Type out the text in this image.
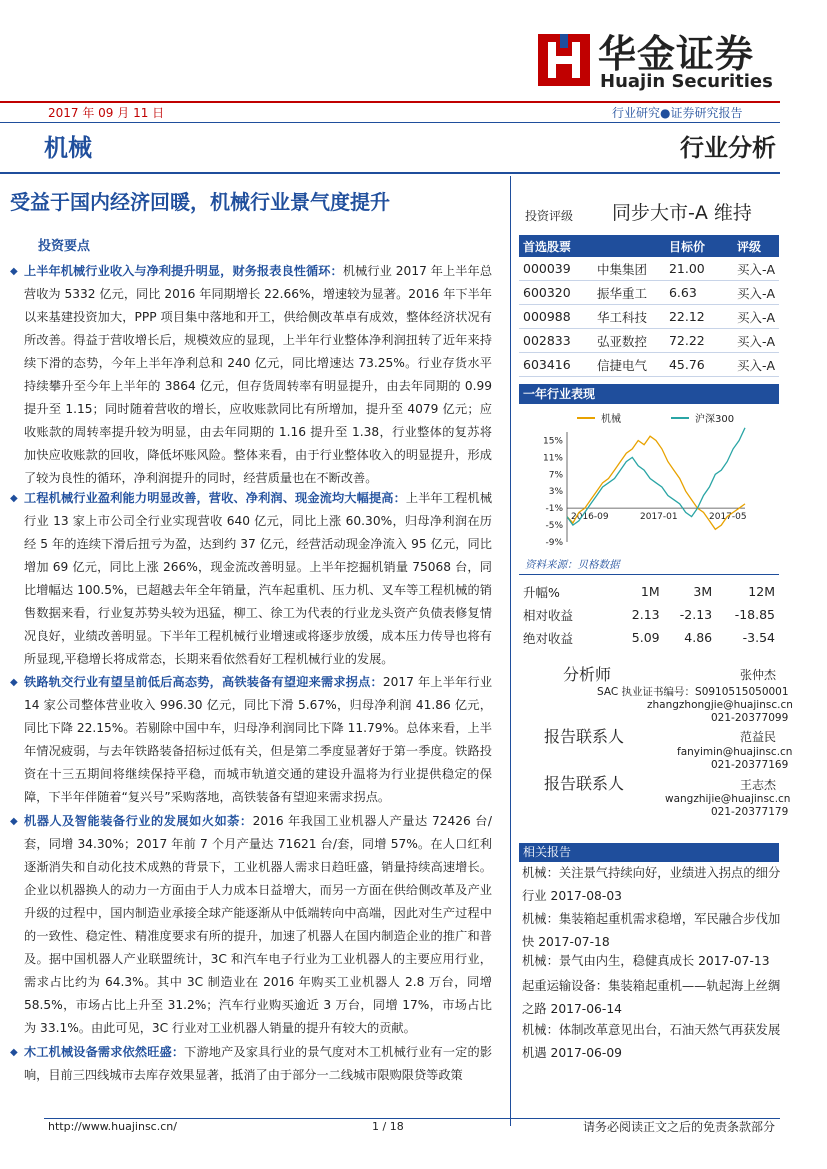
华金证券
Huajin Securities
2017 年 09 月 11 日	行业研究●证券研究报告
机械	行业分析
受益于国内经济回暖，机械行业景气度提升
投资要点
◆ 上半年机械行业收入与净利提升明显，财务报表良性循环：机械行业 2017 年上半年总营收为 5332 亿元，同比 2016 年同期增长 22.66%，增速较为显著。2016 年下半年以来基建投资加大，PPP 项目集中落地和开工，供给侧改革卓有成效，整体经济状况有所改善。得益于营收增长后，规模效应的显现，上半年行业整体净利润扭转了近年来持续下滑的态势，今年上半年净利总和 240 亿元，同比增速达 73.25%。行业存货水平持续攀升至今年上半年的 3864 亿元，但存货周转率有明显提升，由去年同期的 0.99 提升至 1.15；同时随着营收的增长，应收账款同比有所增加，提升至 4079 亿元；应收账款的周转率提升较为明显，由去年同期的 1.16 提升至 1.38，行业整体的复苏将加快应收账款的回收，降低坏账风险。整体来看，由于行业整体收入的明显提升，形成了较为良性的循环，净利润提升的同时，经营质量也在不断改善。
◆ 工程机械行业盈利能力明显改善，营收、净利润、现金流均大幅提高：上半年工程机械行业 13 家上市公司全行业实现营收 640 亿元，同比上涨 60.30%，归母净利润在历经 5 年的连续下滑后扭亏为盈，达到约 37 亿元，经营活动现金净流入 95 亿元，同比增加 69 亿元，同比上涨 266%，现金流改善明显。上半年挖掘机销量 75068 台，同比增幅达 100.5%，已超越去年全年销量，汽车起重机、压力机、叉车等工程机械的销售数据来看，行业复苏势头较为迅猛，柳工、徐工为代表的行业龙头资产负债表修复情况良好，业绩改善明显。下半年工程机械行业增速或将逐步放缓，成本压力传导也将有所显现,平稳增长将成常态，长期来看依然看好工程机械行业的发展。
◆ 铁路轨交行业有望呈前低后高态势，高铁装备有望迎来需求拐点：2017 年上半年行业 14 家公司整体营业收入 996.30 亿元，同比下滑 5.67%，归母净利润 41.86 亿元，同比下降 22.15%。若剔除中国中车，归母净利润同比下降 11.79%。总体来看，上半年情况疲弱，与去年铁路装备招标过低有关，但是第二季度显著好于第一季度。铁路投资在十三五期间将继续保持平稳，而城市轨道交通的建设升温将为行业提供稳定的保障，下半年伴随着“复兴号”采购落地，高铁装备有望迎来需求拐点。
◆ 机器人及智能装备行业的发展如火如荼：2016 年我国工业机器人产量达 72426 台/套，同增 34.30%；2017 年前 7 个月产量达 71621 台/套，同增 57%。在人口红利逐渐消失和自动化技术成熟的背景下，工业机器人需求日趋旺盛，销量持续高速增长。企业以机器换人的动力一方面由于人力成本日益增大，而另一方面在供给侧改革及产业升级的过程中，国内制造业承接全球产能逐渐从中低端转向中高端，因此对生产过程中的一致性、稳定性、精准度要求有所的提升，加速了机器人在国内制造企业的推广和普及。据中国机器人产业联盟统计，3C 和汽车电子行业为工业机器人的主要应用行业，需求占比约为 64.3%。其中 3C 制造业在 2016 年购买工业机器人 2.8 万台，同增 58.5%，市场占比上升至 31.2%；汽车行业购买逾近 3 万台，同增 17%，市场占比为 33.1%。由此可见，3C 行业对工业机器人销量的提升有较大的贡献。
◆ 木工机械设备需求依然旺盛：下游地产及家具行业的景气度对木工机械行业有一定的影响，目前三四线城市去库存效果显著，抵消了由于部分一二线城市限购限贷等政策
投资评级 同步大市-A 维持
首选股票		目标价	评级
000039	中集集团	21.00	买入-A
600320	振华重工	6.63	买入-A
000988	华工科技	22.12	买入-A
002833	弘亚数控	72.22	买入-A
603416	信捷电气	45.76	买入-A
一年行业表现
机械	沪深300
15%
11%
7%
3%
-1%
-5%
-9%
2016-09	2017-01	2017-05
资料来源：贝格数据
升幅%	1M	3M	12M
相对收益	2.13	-2.13	-18.85
绝对收益	5.09	4.86	-3.54
分析师	张仲杰
SAC 执业证书编号：S0910515050001
zhangzhongjie@huajinsc.cn
021-20377099
报告联系人	范益民
fanyimin@huajinsc.cn
021-20377169
报告联系人	王志杰
wangzhijie@huajinsc.cn
021-20377179
相关报告
机械：关注景气持续向好，业绩进入拐点的细分行业 2017-08-03
机械：集装箱起重机需求稳增，军民融合步伐加快 2017-07-18
机械：景气由内生，稳健真成长 2017-07-13
起重运输设备：集装箱起重机——轨起海上丝绸之路 2017-06-14
机械：体制改革意见出台，石油天然气再获发展机遇 2017-06-09
http://www.huajinsc.cn/	1 / 18	请务必阅读正文之后的免责条款部分
